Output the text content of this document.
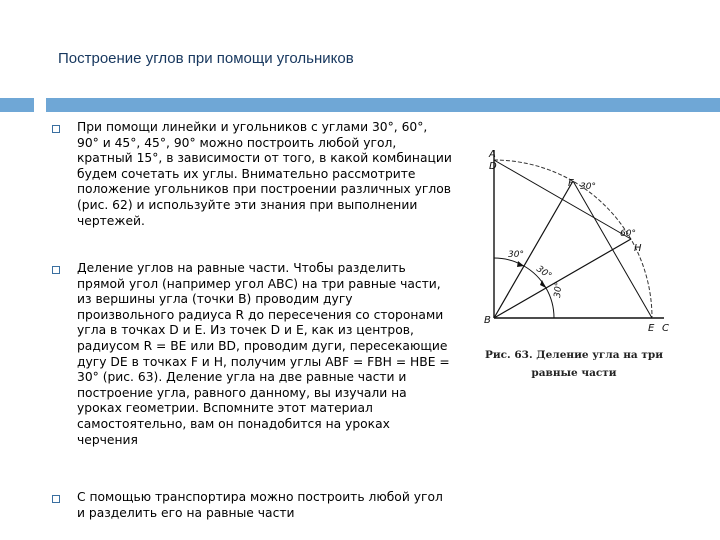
Построение углов при помощи угольников
При помощи линейки и угольников с углами 30°, 60°, 90° и 45°, 45°, 90° можно построить любой угол, кратный 15°, в зависимости от того, в какой комбинации будем сочетать их углы. Внимательно рассмотрите положение угольников при построении различных углов (рис. 62) и используйте эти знания при выполнении чертежей.
Деление углов на равные части. Чтобы разделить прямой угол (например угол АВС) на три равные части, из вершины угла (точки В) проводим дугу произвольного радиуса R до пересечения со сторонами угла в точках D и Е. Из точек D и Е, как из центров, радиусом R = ВЕ или BD, проводим дуги, пересекающие дугу DE в точках F и Н, получим углы ABF = FBH = HBE = 30° (рис. 63). Деление угла на две равные части и построение угла, равного данному, вы изучали на уроках геометрии. Вспомните этот материал самостоятельно, вам он понадобится на уроках черчения
С помощью транспортира можно построить любой угол и разделить его на равные части
A
D
F 30°
60°
H
30°
30°
30°
B
E C
Рис. 63. Деление угла на три
равные части
